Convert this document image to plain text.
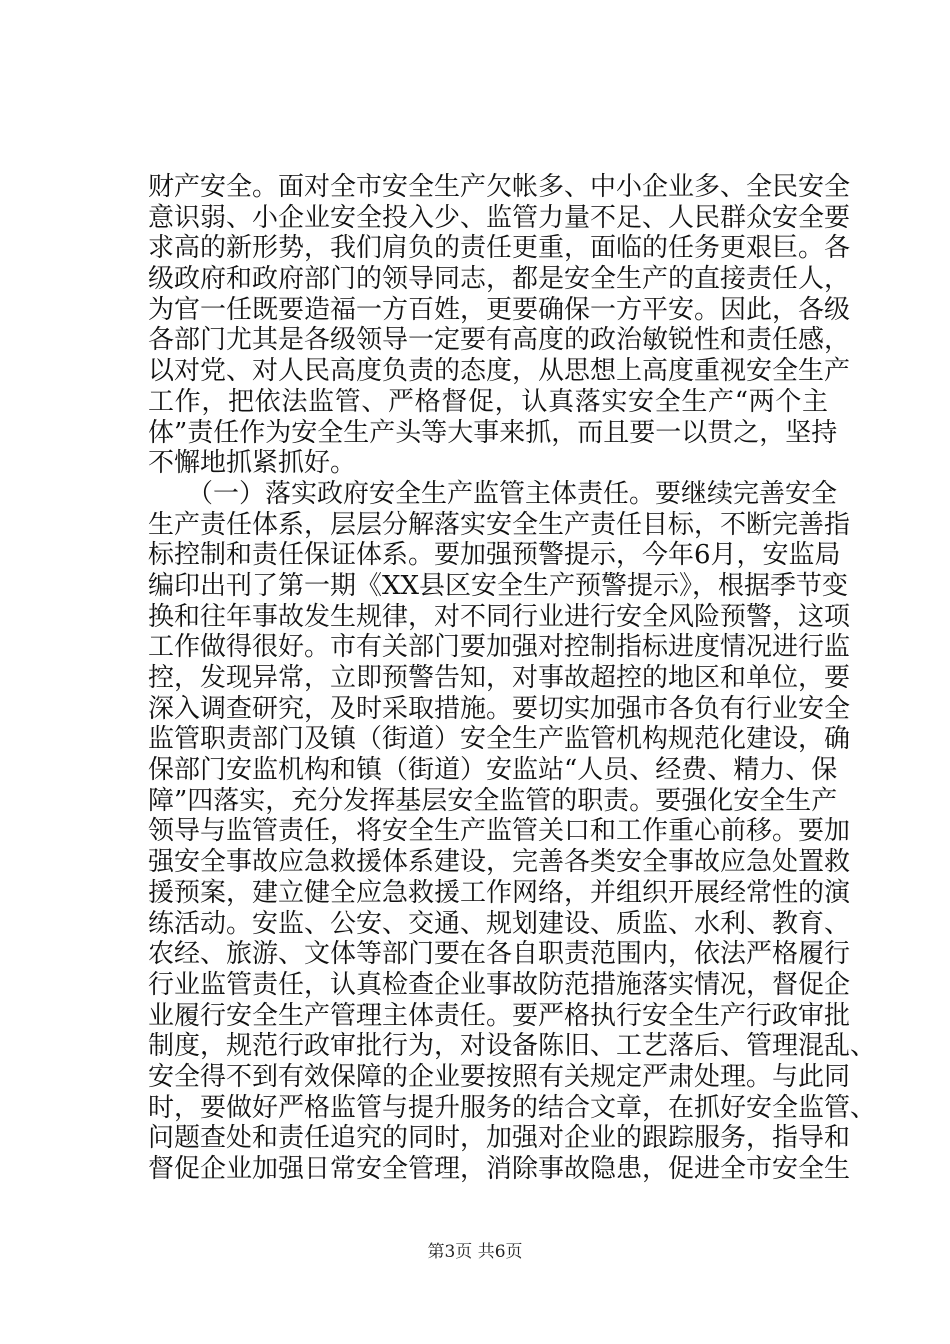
财产安全。面对全市安全生产欠帐多、中小企业多、全民安全
意识弱、小企业安全投入少、监管力量不足、人民群众安全要
求高的新形势，我们肩负的责任更重，面临的任务更艰巨。各
级政府和政府部门的领导同志，都是安全生产的直接责任人，
为官一任既要造福一方百姓，更要确保一方平安。因此，各级
各部门尤其是各级领导一定要有高度的政治敏锐性和责任感，
以对党、对人民高度负责的态度，从思想上高度重视安全生产
工作，把依法监管、严格督促，认真落实安全生产“两个主
体”责任作为安全生产头等大事来抓，而且要一以贯之，坚持
不懈地抓紧抓好。
　　（一）落实政府安全生产监管主体责任。要继续完善安全
生产责任体系，层层分解落实安全生产责任目标，不断完善指
标控制和责任保证体系。要加强预警提示，今年6月，安监局
编印出刊了第一期《XX县区安全生产预警提示》，根据季节变
换和往年事故发生规律，对不同行业进行安全风险预警，这项
工作做得很好。市有关部门要加强对控制指标进度情况进行监
控，发现异常，立即预警告知，对事故超控的地区和单位，要
深入调查研究，及时采取措施。要切实加强市各负有行业安全
监管职责部门及镇（街道）安全生产监管机构规范化建设，确
保部门安监机构和镇（街道）安监站“人员、经费、精力、保
障”四落实，充分发挥基层安全监管的职责。要强化安全生产
领导与监管责任，将安全生产监管关口和工作重心前移。要加
强安全事故应急救援体系建设，完善各类安全事故应急处置救
援预案，建立健全应急救援工作网络，并组织开展经常性的演
练活动。安监、公安、交通、规划建设、质监、水利、教育、
农经、旅游、文体等部门要在各自职责范围内，依法严格履行
行业监管责任，认真检查企业事故防范措施落实情况，督促企
业履行安全生产管理主体责任。要严格执行安全生产行政审批
制度，规范行政审批行为，对设备陈旧、工艺落后、管理混乱、
安全得不到有效保障的企业要按照有关规定严肃处理。与此同
时，要做好严格监管与提升服务的结合文章，在抓好安全监管、
问题查处和责任追究的同时，加强对企业的跟踪服务，指导和
督促企业加强日常安全管理，消除事故隐患，促进全市安全生
第3页 共6页
